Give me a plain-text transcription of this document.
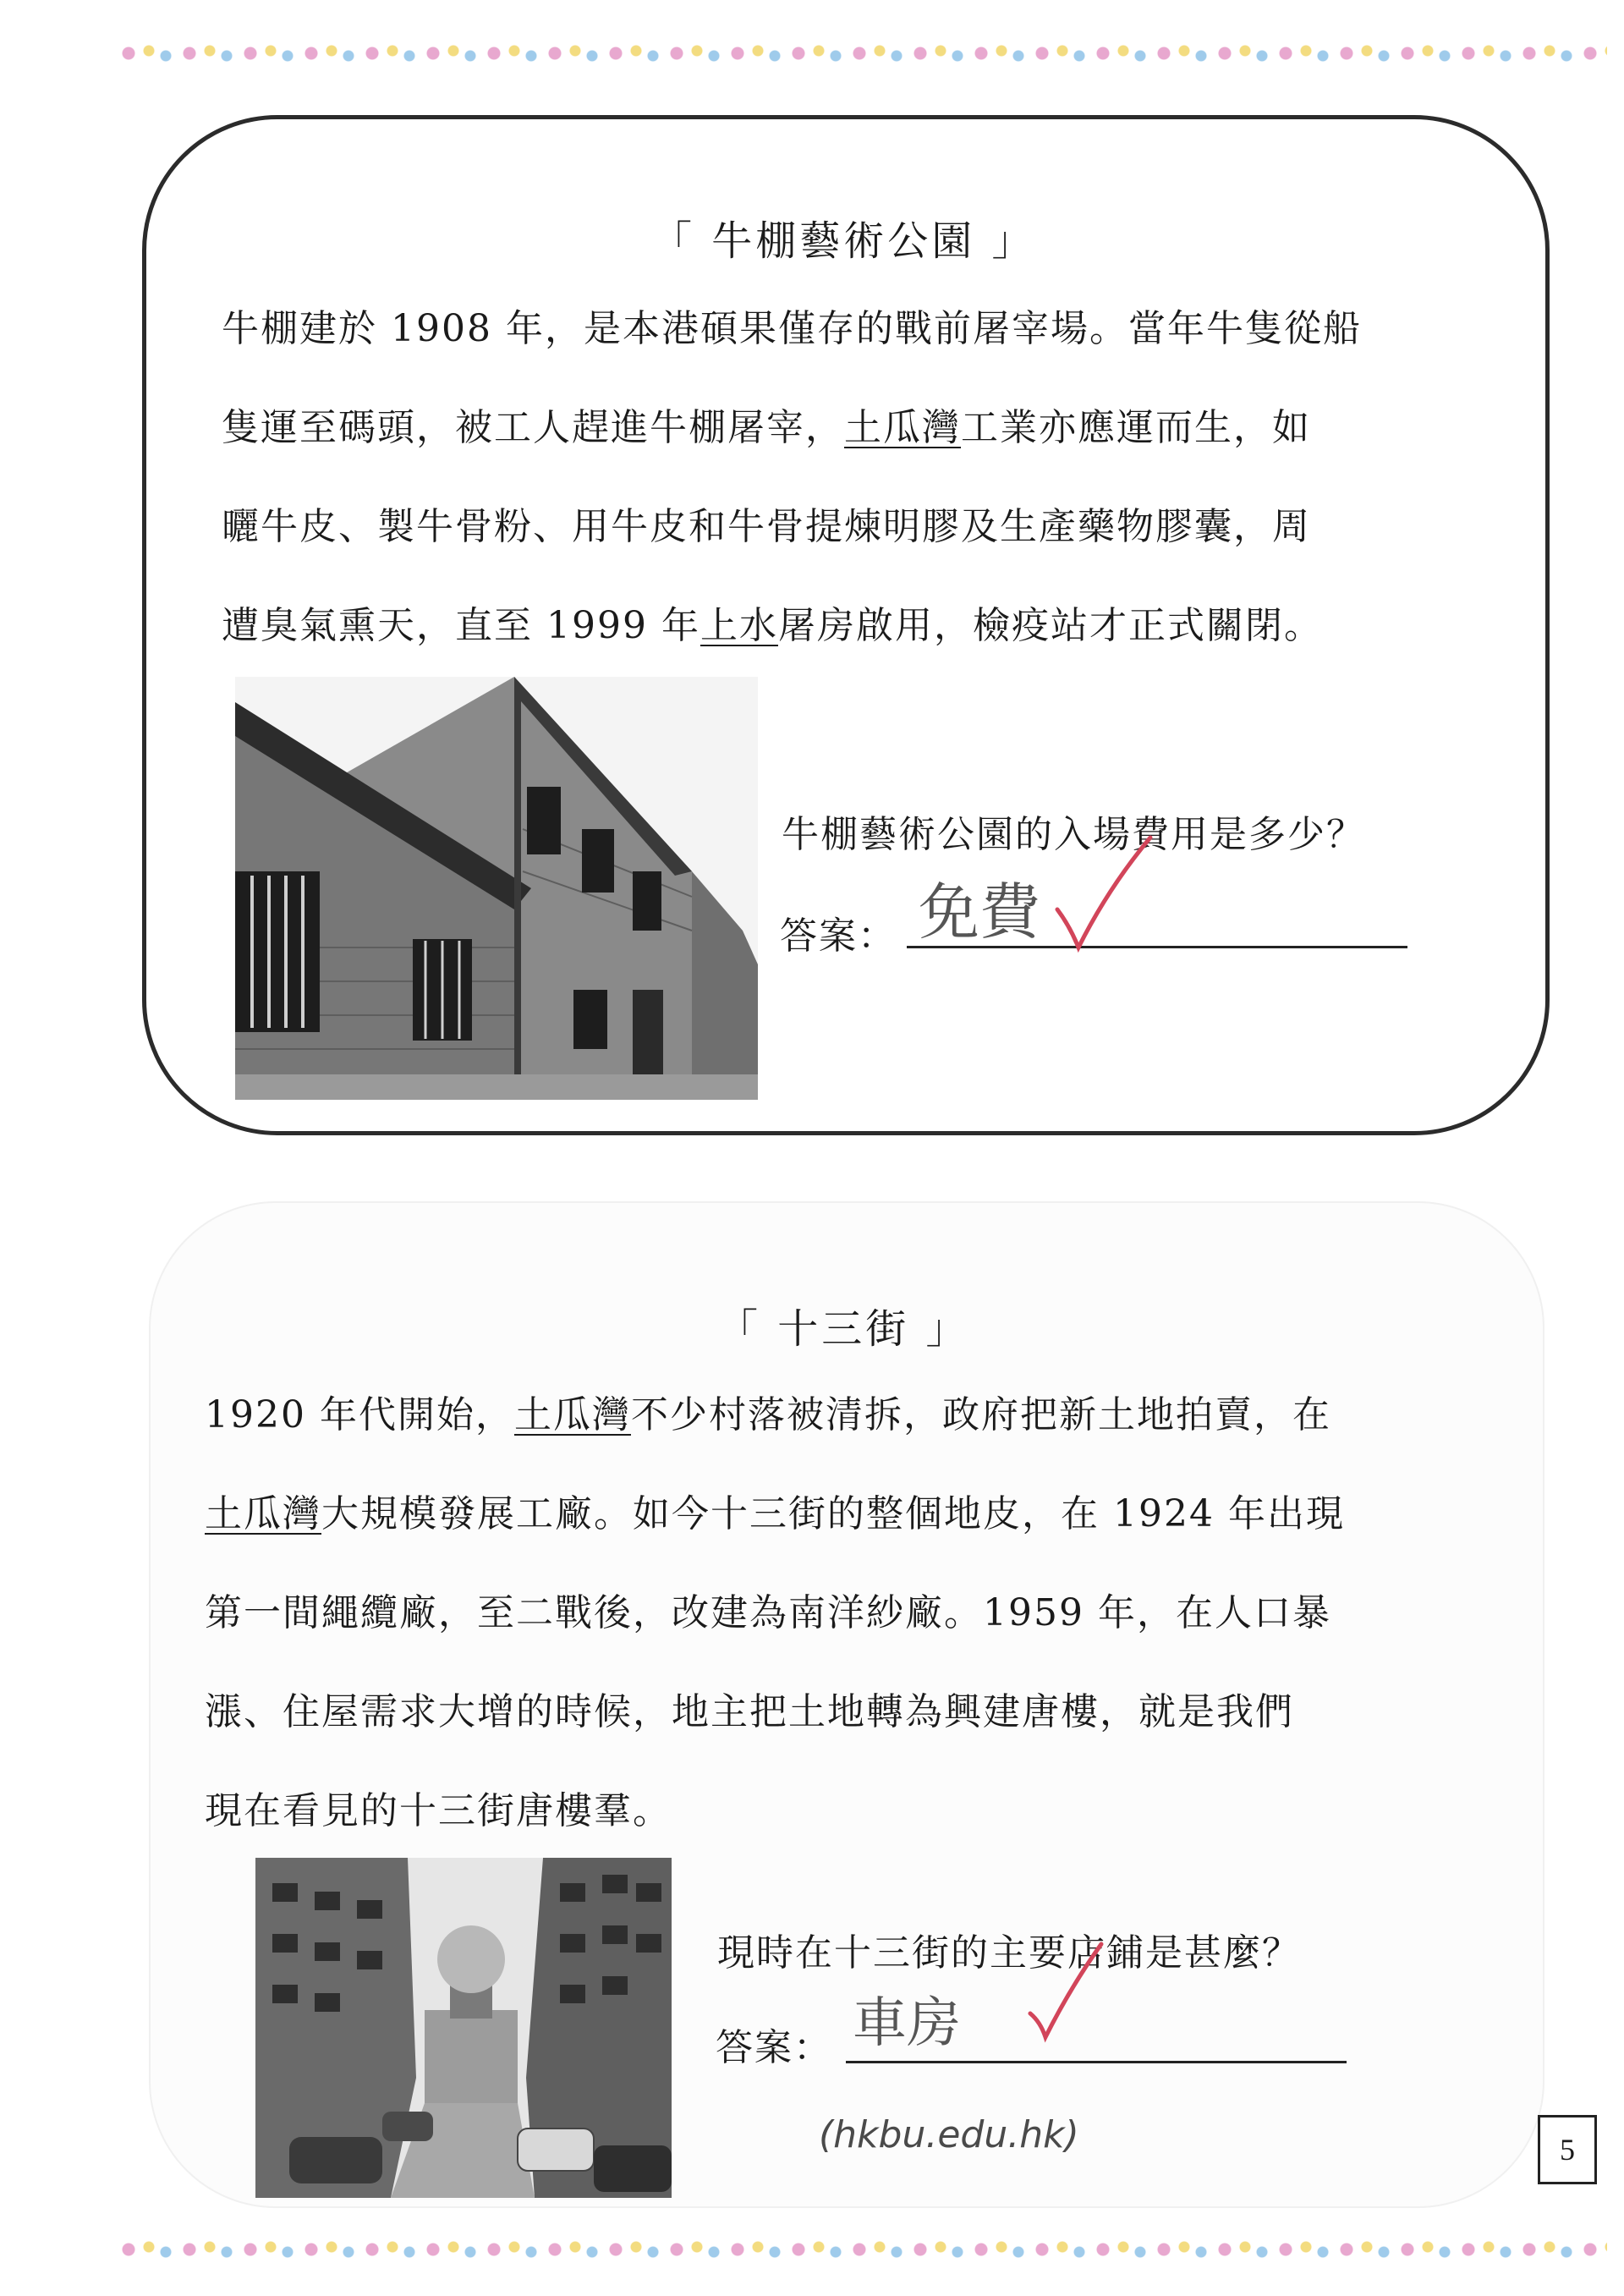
「 牛棚藝術公園 」
牛棚建於 1908 年，是本港碩果僅存的戰前屠宰場。當年牛隻從船
隻運至碼頭，被工人趕進牛棚屠宰，土瓜灣工業亦應運而生，如
曬牛皮、製牛骨粉、用牛皮和牛骨提煉明膠及生產藥物膠囊，周
遭臭氣熏天，直至 1999 年上水屠房啟用，檢疫站才正式關閉。
牛棚藝術公園的入場費用是多少？
答案： 免費
「 十三街 」
1920 年代開始，土瓜灣不少村落被清拆，政府把新土地拍賣，在
土瓜灣大規模發展工廠。如今十三街的整個地皮，在 1924 年出現
第一間繩纜廠，至二戰後，改建為南洋紗廠。1959 年，在人口暴
漲、住屋需求大增的時候，地主把土地轉為興建唐樓，就是我們
現在看見的十三街唐樓羣。
現時在十三街的主要店鋪是甚麼？
答案： 車房
(hkbu.edu.hk)	5
